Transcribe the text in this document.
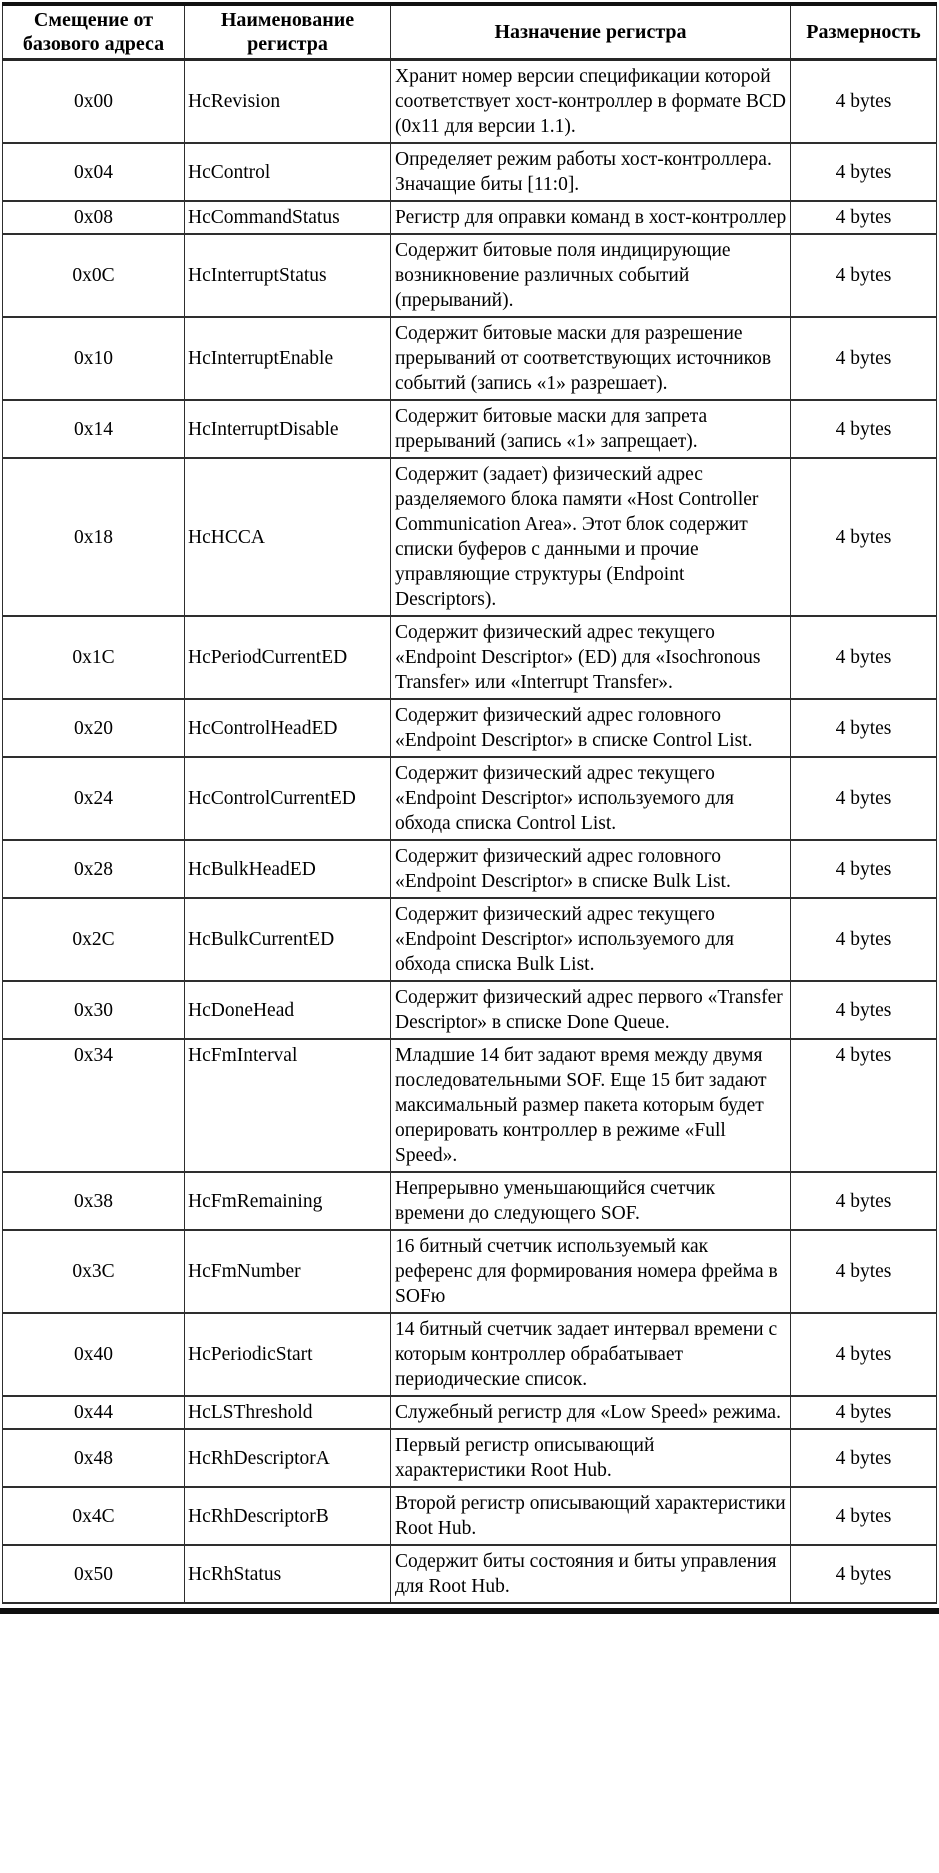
Смещение от базового адреса	Наименование регистра	Назначение регистра	Размерность
0x00	HcRevision	Хранит номер версии спецификации которой соответствует хост-контроллер в формате BCD (0x11 для версии 1.1).	4 bytes
0x04	HcControl	Определяет режим работы хост-контроллера. Значащие биты [11:0].	4 bytes
0x08	HcCommandStatus	Регистр для оправки команд в хост-контроллер	4 bytes
0x0C	HcInterruptStatus	Содержит битовые поля индицирующие возникновение различных событий (прерываний).	4 bytes
0x10	HcInterruptEnable	Содержит битовые маски для разрешение прерываний от соответствующих источников событий (запись «1» разрешает).	4 bytes
0x14	HcInterruptDisable	Содержит битовые маски для запрета прерываний (запись «1» запрещает).	4 bytes
0x18	HcHCCA	Содержит (задает) физический адрес разделяемого блока памяти «Host Controller Communication Area». Этот блок содержит списки буферов с данными и прочие управляющие структуры (Endpoint Descriptors).	4 bytes
0x1C	HcPeriodCurrentED	Содержит физический адрес текущего «Endpoint Descriptor» (ED) для «Isochronous Transfer» или «Interrupt Transfer».	4 bytes
0x20	HcControlHeadED	Содержит физический адрес головного «Endpoint Descriptor» в списке Control List.	4 bytes
0x24	HcControlCurrentED	Содержит физический адрес текущего «Endpoint Descriptor» используемого для обхода списка Control List.	4 bytes
0x28	HcBulkHeadED	Содержит физический адрес головного «Endpoint Descriptor» в списке Bulk List.	4 bytes
0x2C	HcBulkCurrentED	Содержит физический адрес текущего «Endpoint Descriptor» используемого для обхода списка Bulk List.	4 bytes
0x30	HcDoneHead	Содержит физический адрес первого «Transfer Descriptor» в списке Done Queue.	4 bytes
0x34	HcFmInterval	Младшие 14 бит задают время между двумя последовательными SOF. Еще 15 бит задают максимальный размер пакета которым будет оперировать контроллер в режиме «Full Speed».	4 bytes
0x38	HcFmRemaining	Непрерывно уменьшающийся счетчик времени до следующего SOF.	4 bytes
0x3C	HcFmNumber	16 битный счетчик используемый как референс для формирования номера фрейма в SOFю	4 bytes
0x40	HcPeriodicStart	14 битный счетчик задает интервал времени с которым контроллер обрабатывает периодические список.	4 bytes
0x44	HcLSThreshold	Служебный регистр для «Low Speed» режима.	4 bytes
0x48	HcRhDescriptorA	Первый регистр описывающий характеристики Root Hub.	4 bytes
0x4C	HcRhDescriptorB	Второй регистр описывающий характеристики Root Hub.	4 bytes
0x50	HcRhStatus	Содержит биты состояния и биты управления для Root Hub.	4 bytes
